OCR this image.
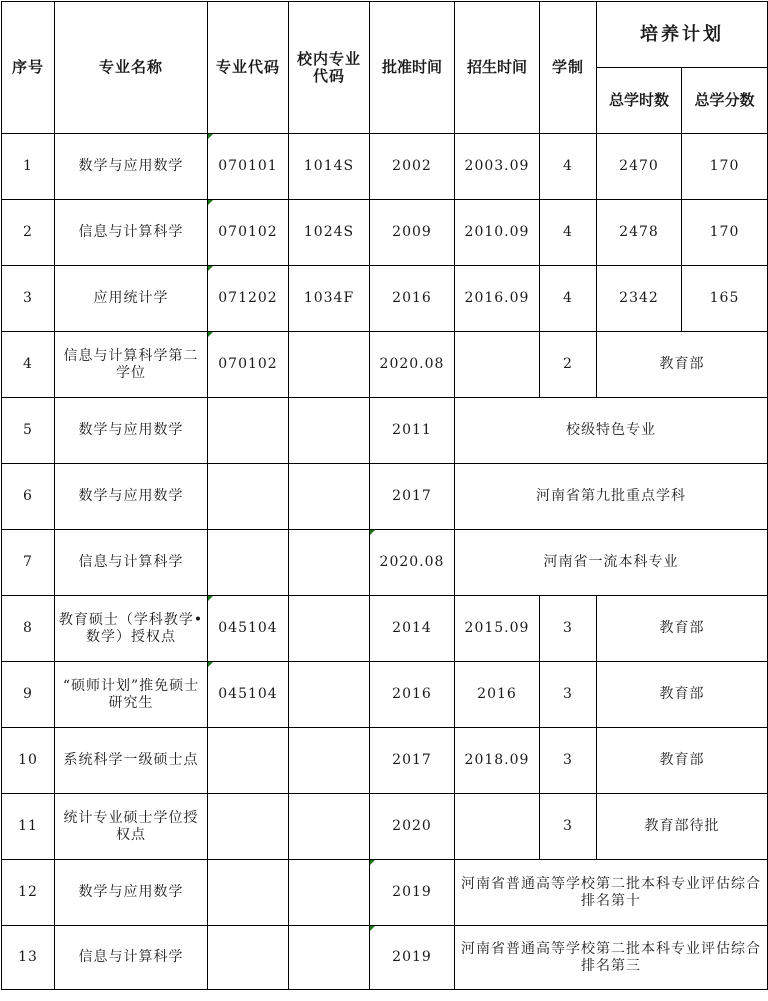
序号	专业名称	专业代码	校内专业代码	批准时间	招生时间	学制	培养计划	
							总学时数	总学分数
1	数学与应用数学	070101	1014S	2002	2003.09	4	2470	170
2	信息与计算科学	070102	1024S	2009	2010.09	4	2478	170
3	应用统计学	071202	1034F	2016	2016.09	4	2342	165
4	信息与计算科学第二学位	070102		2020.08		2	教育部	
5	数学与应用数学			2011	校级特色专业			
6	数学与应用数学			2017	河南省第九批重点学科			
7	信息与计算科学			2020.08	河南省一流本科专业			
8	教育硕士（学科教学•数学）授权点	045104		2014	2015.09	3	教育部	
9	“硕师计划”推免硕士研究生	045104		2016	2016	3	教育部	
10	系统科学一级硕士点			2017	2018.09	3	教育部	
11	统计专业硕士学位授权点			2020		3	教育部待批	
12	数学与应用数学			2019	河南省普通高等学校第二批本科专业评估综合排名第十			
13	信息与计算科学			2019	河南省普通高等学校第二批本科专业评估综合排名第三			
